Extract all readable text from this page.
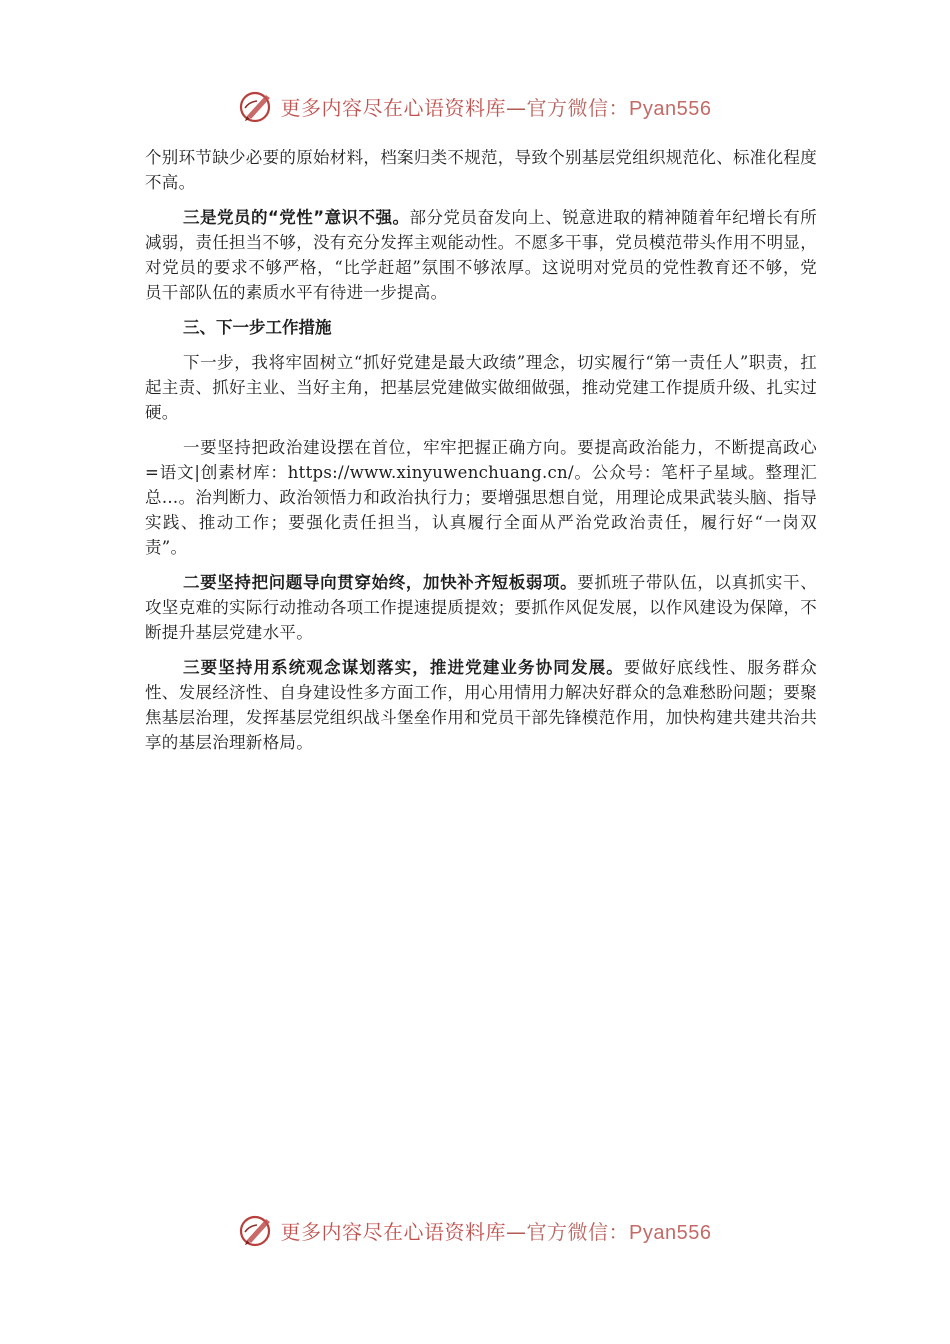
更多内容尽在心语资料库—官方微信：Pyan556

个别环节缺少必要的原始材料，档案归类不规范，导致个别基层党组织规范化、标准化程度不高。

三是党员的“党性”意识不强。部分党员奋发向上、锐意进取的精神随着年纪增长有所减弱，责任担当不够，没有充分发挥主观能动性。不愿多干事，党员模范带头作用不明显，对党员的要求不够严格，“比学赶超”氛围不够浓厚。这说明对党员的党性教育还不够，党员干部队伍的素质水平有待进一步提高。

三、下一步工作措施

下一步，我将牢固树立“抓好党建是最大政绩”理念，切实履行“第一责任人”职责，扛起主责、抓好主业、当好主角，把基层党建做实做细做强，推动党建工作提质升级、扎实过硬。

一要坚持把政治建设摆在首位，牢牢把握正确方向。要提高政治能力，不断提高政心=语文|创素材库：https://www.xinyuwenchuang.cn/。公众号：笔杆子星域。整理汇总…。治判断力、政治领悟力和政治执行力；要增强思想自觉，用理论成果武装头脑、指导实践、推动工作；要强化责任担当，认真履行全面从严治党政治责任，履行好“一岗双责”。

二要坚持把问题导向贯穿始终，加快补齐短板弱项。要抓班子带队伍，以真抓实干、攻坚克难的实际行动推动各项工作提速提质提效；要抓作风促发展，以作风建设为保障，不断提升基层党建水平。

三要坚持用系统观念谋划落实，推进党建业务协同发展。要做好底线性、服务群众性、发展经济性、自身建设性多方面工作，用心用情用力解决好群众的急难愁盼问题；要聚焦基层治理，发挥基层党组织战斗堡垒作用和党员干部先锋模范作用，加快构建共建共治共享的基层治理新格局。

更多内容尽在心语资料库—官方微信：Pyan556
